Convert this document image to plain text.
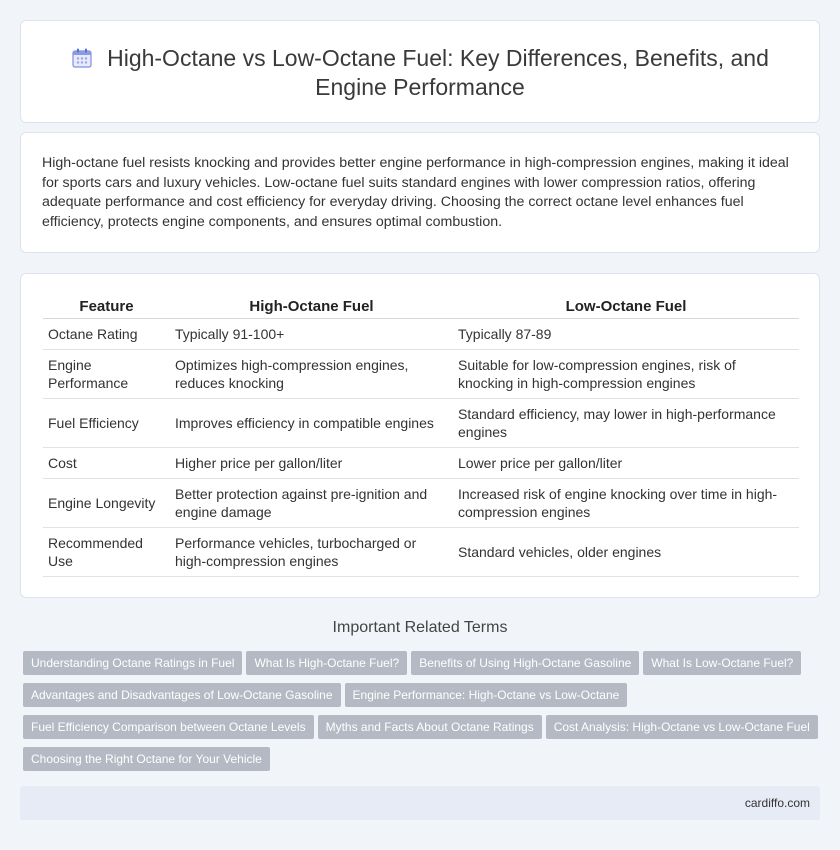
High-Octane vs Low-Octane Fuel: Key Differences, Benefits, and
Engine Performance

High-octane fuel resists knocking and provides better engine performance in high-compression engines, making it ideal for sports cars and luxury vehicles. Low-octane fuel suits standard engines with lower compression ratios, offering adequate performance and cost efficiency for everyday driving. Choosing the correct octane level enhances fuel efficiency, protects engine components, and ensures optimal combustion.

Feature	High-Octane Fuel	Low-Octane Fuel
Octane Rating	Typically 91-100+	Typically 87-89
Engine Performance	Optimizes high-compression engines, reduces knocking	Suitable for low-compression engines, risk of knocking in high-compression engines
Fuel Efficiency	Improves efficiency in compatible engines	Standard efficiency, may lower in high-performance engines
Cost	Higher price per gallon/liter	Lower price per gallon/liter
Engine Longevity	Better protection against pre-ignition and engine damage	Increased risk of engine knocking over time in high-compression engines
Recommended Use	Performance vehicles, turbocharged or high-compression engines	Standard vehicles, older engines
Important Related Terms
Understanding Octane Ratings in Fuel What Is High-Octane Fuel? Benefits of Using High-Octane Gasoline What Is Low-Octane Fuel?
Advantages and Disadvantages of Low-Octane Gasoline Engine Performance: High-Octane vs Low-Octane
Fuel Efficiency Comparison between Octane Levels Myths and Facts About Octane Ratings Cost Analysis: High-Octane vs Low-Octane Fuel
Choosing the Right Octane for Your Vehicle
cardiffo.com
